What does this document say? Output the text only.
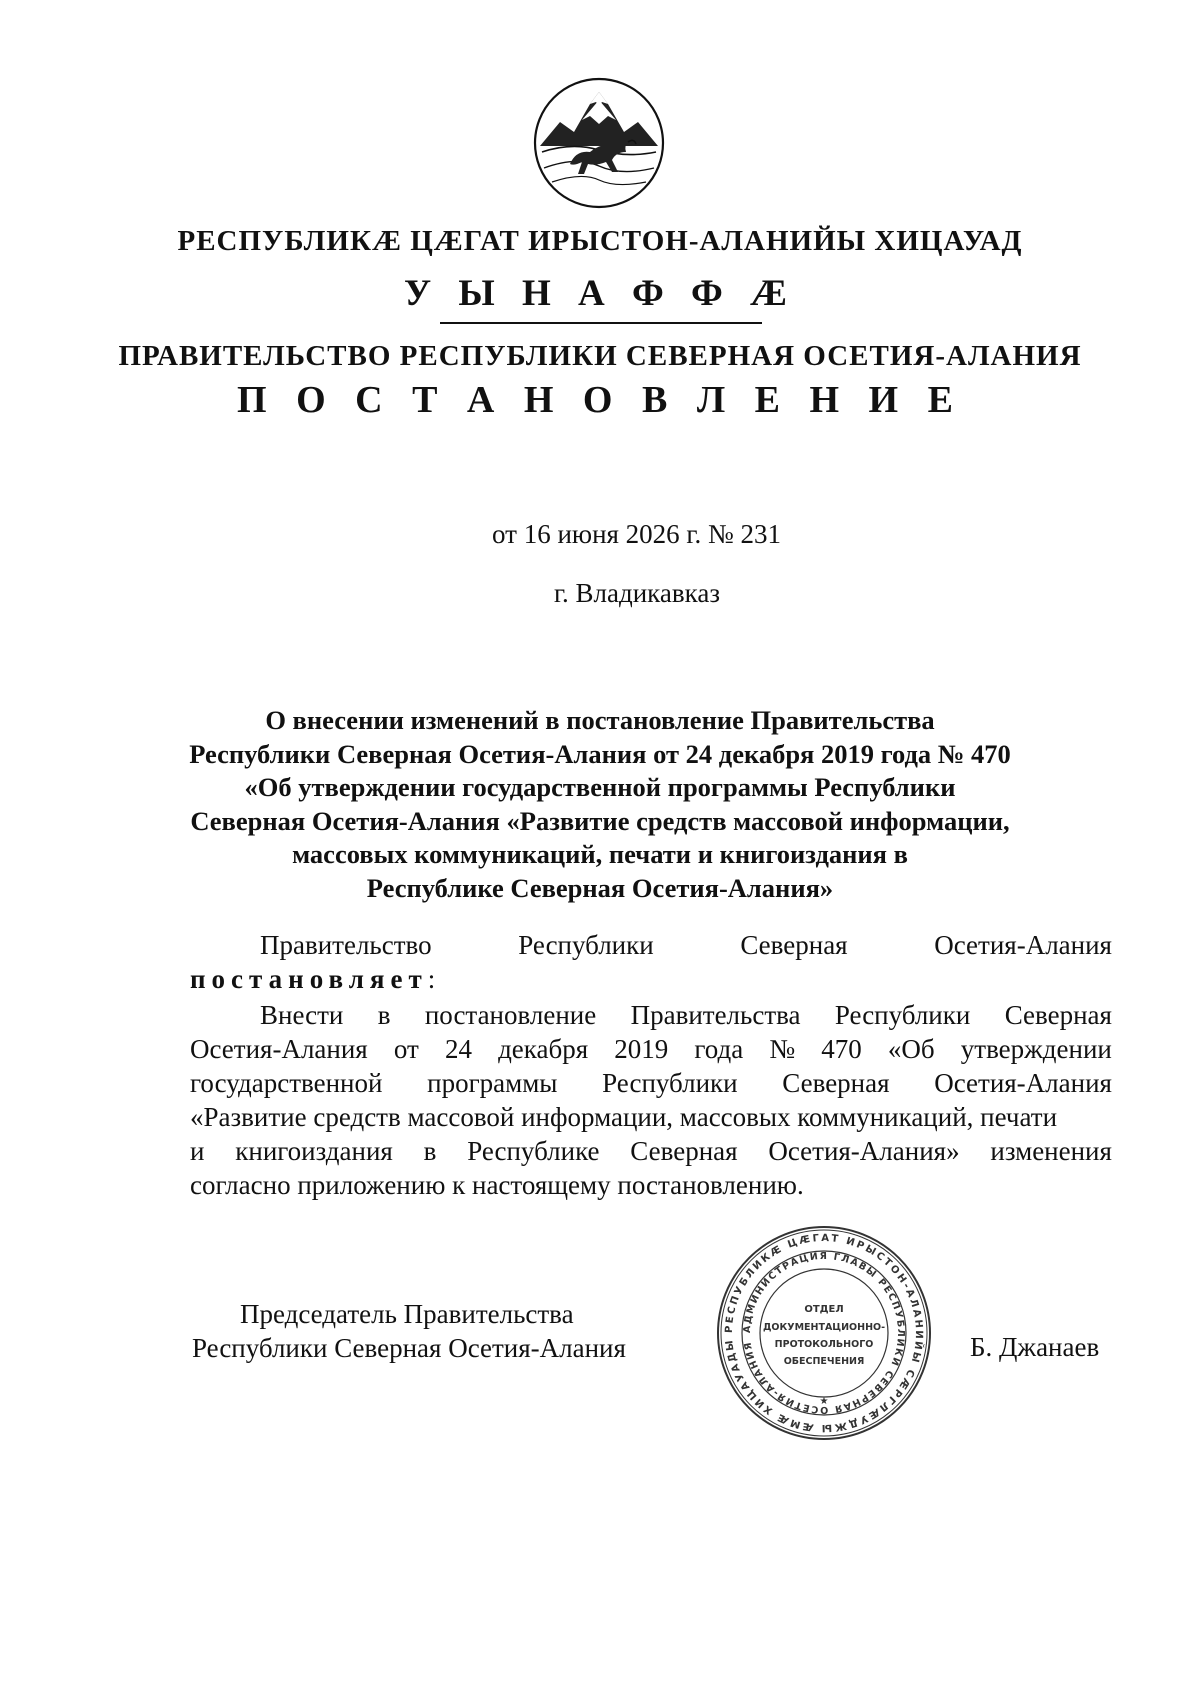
РЕСПУБЛИКÆ ЦÆГАТ ИРЫСТОН-АЛАНИЙЫ ХИЦАУАД
У Ы Н А Ф Ф Æ
ПРАВИТЕЛЬСТВО РЕСПУБЛИКИ СЕВЕРНАЯ ОСЕТИЯ-АЛАНИЯ
П О С Т А Н О В Л Е Н И Е
от 16 июня 2026 г. № 231
г. Владикавказ
О внесении изменений в постановление Правительства
Республики Северная Осетия-Алания от 24 декабря 2019 года № 470
«Об утверждении государственной программы Республики
Северная Осетия-Алания «Развитие средств массовой информации,
массовых коммуникаций, печати и книгоиздания в
Республике Северная Осетия-Алания»
Правительство	Республики	Северная	Осетия-Алания
постановляет:
Внести в постановление Правительства Республики Северная
Осетия-Алания от 24 декабря 2019 года № 470 «Об утверждении
государственной программы Республики Северная Осетия-Алания
«Развитие средств массовой информации, массовых коммуникаций, печати
и книгоиздания в Республике Северная Осетия-Алания» изменения
согласно приложению к настоящему постановлению.
Председатель Правительства
Республики Северная Осетия-Алания
РЕСПУБЛИКÆ ЦÆГАТ ИРЫСТОН-АЛАНИЙЫ СÆРГЛÆУДЖЫ ÆМÆ ХИЦАУАДЫ
АДМИНИСТРАЦИЯ ГЛАВЫ РЕСПУБЛИКИ СЕВЕРНАЯ ОСЕТИЯ-АЛАНИЯ
ОТДЕЛ
ДОКУМЕНТАЦИОННО-
ПРОТОКОЛЬНОГО
ОБЕСПЕЧЕНИЯ
★
Б. Джанаев
